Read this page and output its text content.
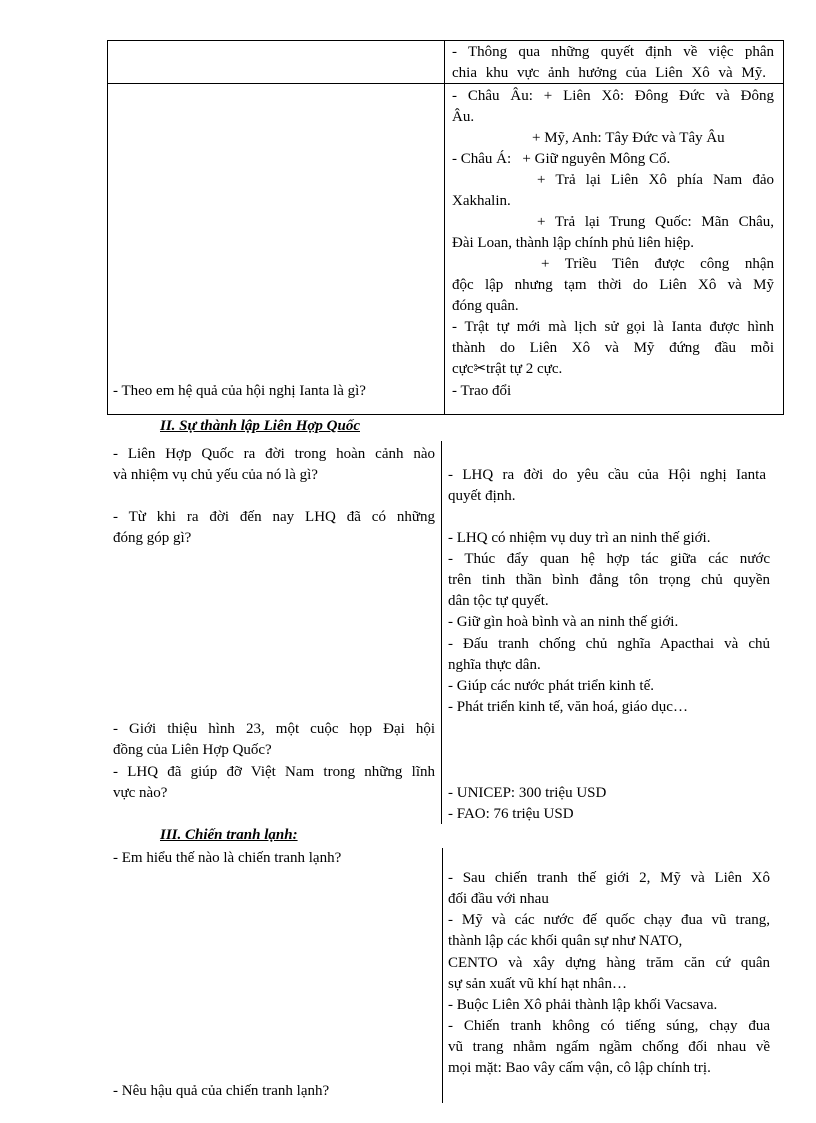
- Thông qua những quyết định về việc phân
chia khu vực ảnh hưởng của Liên Xô và Mỹ.
- Châu Âu: + Liên Xô: Đông Đức và Đông
Âu.
+ Mỹ, Anh: Tây Đức và Tây Âu
- Châu Á:   + Giữ nguyên Mông Cổ.
+ Trả lại Liên Xô phía Nam đảo
Xakhalin.
+ Trả lại Trung Quốc: Mãn Châu,
Đài Loan, thành lập chính phủ liên hiệp.
+ Triều Tiên được công nhận
độc lập nhưng tạm thời do Liên Xô và Mỹ
đóng quân.
- Trật tự mới mà lịch sử gọi là Ianta được hình
thành do Liên Xô và Mỹ đứng đầu mỗi
cực✂trật tự 2 cực.
- Trao đổi
- Theo em hệ quả của hội nghị Ianta là gì?
II. Sự thành lập Liên Hợp Quốc
- Liên Hợp Quốc ra đời trong hoàn cảnh nào
và nhiệm vụ chủ yếu của nó là gì?
- Từ khi ra đời đến nay LHQ đã có những
đóng góp gì?
- Giới thiệu hình 23, một cuộc họp Đại hội
đồng của Liên Hợp Quốc?
- LHQ đã giúp đỡ Việt Nam trong những lĩnh
vực nào?
- LHQ ra đời do yêu cầu của Hội nghị Ianta
quyết định.
- LHQ có nhiệm vụ duy trì an ninh thế giới.
- Thúc đẩy quan hệ hợp tác giữa các nước
trên tinh thần bình đẳng tôn trọng chủ quyền
dân tộc tự quyết.
- Giữ gìn hoà bình và an ninh thế giới.
- Đấu tranh chống chủ nghĩa Apacthai và chủ
nghĩa thực dân.
- Giúp các nước phát triển kinh tế.
- Phát triển kinh tế, văn hoá, giáo dục…
- UNICEP: 300 triệu USD
- FAO: 76 triệu USD
III. Chiến tranh lạnh:
- Em hiểu thế nào là chiến tranh lạnh?
- Nêu hậu quả của chiến tranh lạnh?
- Sau chiến tranh thế giới 2, Mỹ và Liên Xô
đối đầu với nhau
- Mỹ và các nước đế quốc chạy đua vũ trang,
thành lập các khối quân sự như NATO,
CENTO và xây dựng hàng trăm căn cứ quân
sự sản xuất vũ khí hạt nhân…
- Buộc Liên Xô phải thành lập khối Vacsava.
- Chiến tranh không có tiếng súng, chạy đua
vũ trang nhằm ngấm ngầm chống đối nhau về
mọi mặt: Bao vây cấm vận, cô lập chính trị.
